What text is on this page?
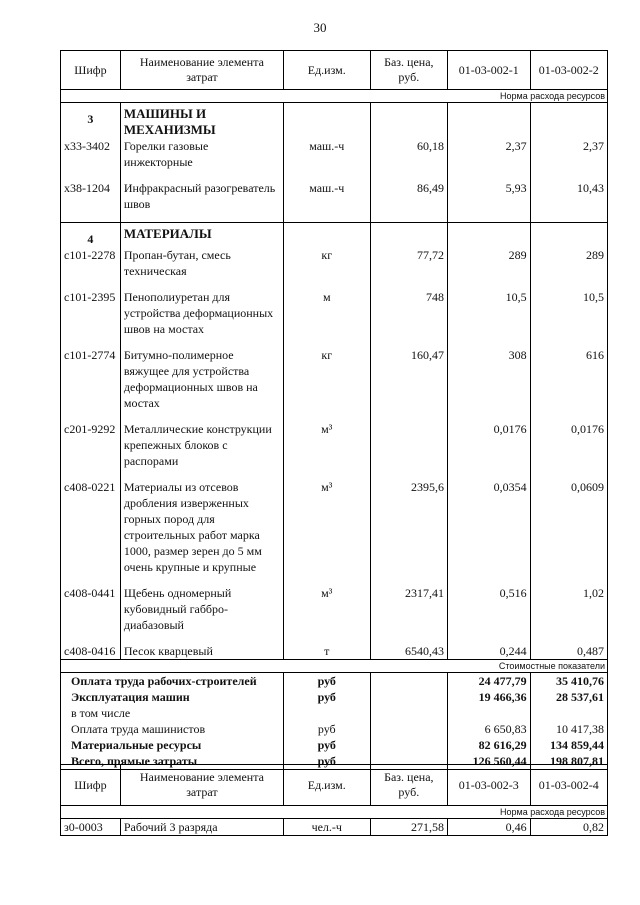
30
Шифр	Наименование элемента затрат	Ед.изм.	Баз. цена, руб.	01-03-002-1	01-03-002-2
Норма расхода ресурсов					
3	МАШИНЫ И МЕХАНИЗМЫ				
х33-3402	Горелки газовые инжекторные	маш.-ч	60,18	2,37	2,37

х38-1204	Инфракрасный разогреватель швов	маш.-ч	86,49	5,93	10,43

4	МАТЕРИАЛЫ				
с101-2278	Пропан-бутан, смесь техническая	кг	77,72	289	289

с101-2395	Пенополиуретан для устройства деформационных швов на мостах	м	748	10,5	10,5

с101-2774	Битумно-полимерное вяжущее для устройства деформационных швов на мостах	кг	160,47	308	616

с201-9292	Металлические конструкции крепежных блоков с распорами	м³		0,0176	0,0176

с408-0221	Материалы из отсевов дробления изверженных горных пород для строительных работ марка 1000, размер зерен до 5 мм очень крупные и крупные	м³	2395,6	0,0354	0,0609

с408-0441	Щебень одномерный кубовидный габбро-диабазовый	м³	2317,41	0,516	1,02

с408-0416	Песок кварцевый	т	6540,43	0,244	0,487
Стоимостные показатели					
Оплата труда рабочих-строителей		руб		24 477,79	35 410,76
Эксплуатация машин		руб		19 466,36	28 537,61
в том числе					
Оплата труда машинистов		руб		6 650,83	10 417,38
Материальные ресурсы		руб		82 616,29	134 859,44
Всего, прямые затраты		руб		126 560,44	198 807,81
Шифр	Наименование элемента затрат	Ед.изм.	Баз. цена, руб.	01-03-002-3	01-03-002-4
Норма расхода ресурсов					
з0-0003	Рабочий 3 разряда	чел.-ч	271,58	0,46	0,82
